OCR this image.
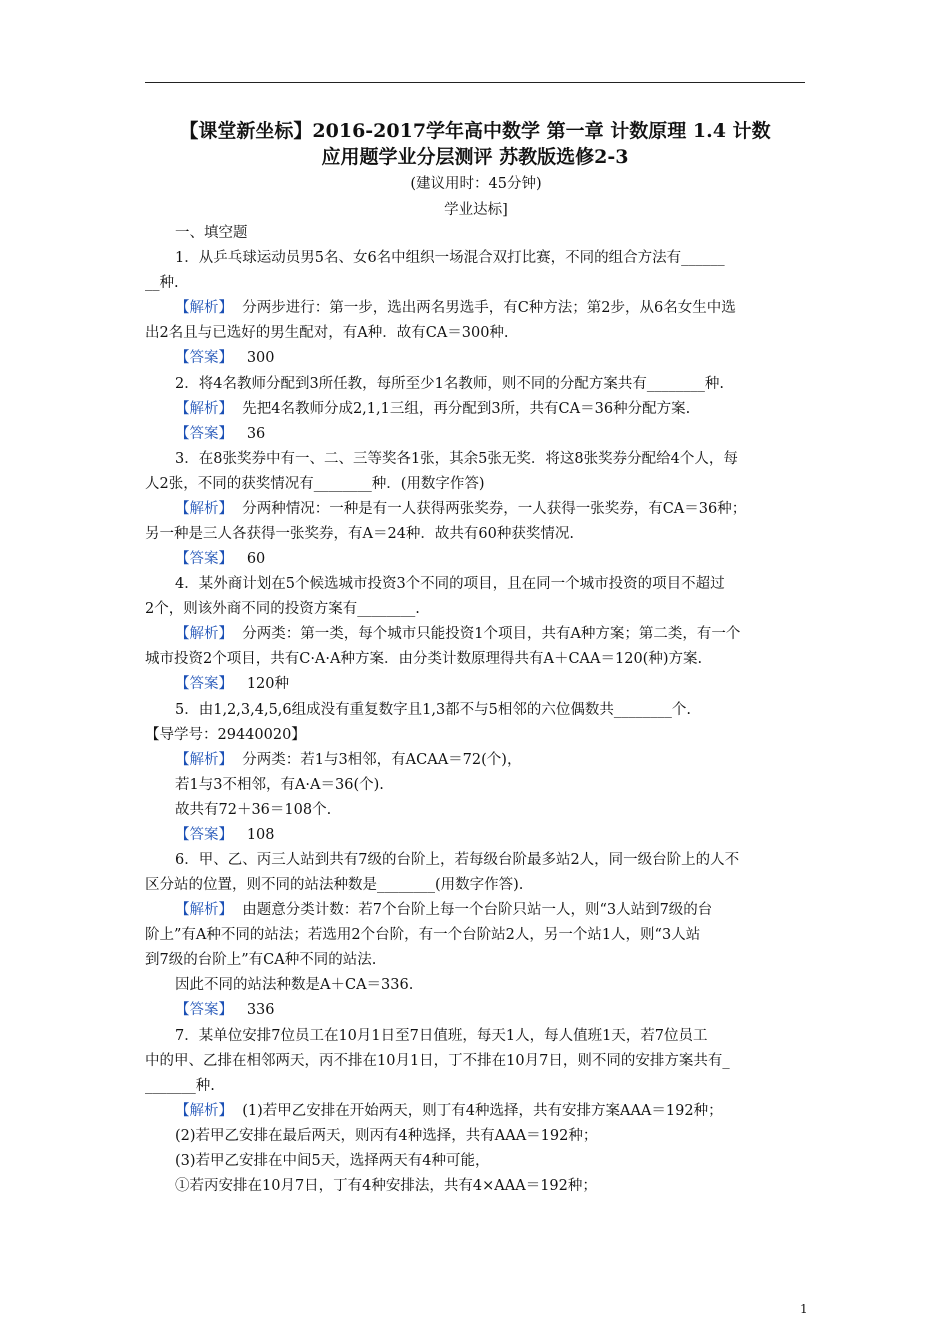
【课堂新坐标】2016-2017学年高中数学 第一章 计数原理 1.4 计数
应用题学业分层测评 苏教版选修2-3
(建议用时：45分钟)
学业达标]
一、填空题
1．从乒乓球运动员男5名、女6名中组织一场混合双打比赛，不同的组合方法有______
__种.
【 解析 】 分两步进行：第一步，选出两名男选手，有C种方法；第2步，从6名女生中选
出2名且与已选好的男生配对，有A种．故有CA＝300种.
【 答案 】 300
2．将4名教师分配到3所任教，每所至少1名教师，则不同的分配方案共有________种.
【 解析 】 先把4名教师分成2,1,1三组，再分配到3所，共有CA＝36种分配方案.
【 答案 】 36
3．在8张奖券中有一、二、三等奖各1张，其余5张无奖．将这8张奖券分配给4个人，每
人2张，不同的获奖情况有________种．(用数字作答)
【 解析 】 分两种情况：一种是有一人获得两张奖券，一人获得一张奖券，有CA＝36种；
另一种是三人各获得一张奖券，有A＝24种．故共有60种获奖情况.
【 答案 】 60
4．某外商计划在5个候选城市投资3个不同的项目，且在同一个城市投资的项目不超过
2个，则该外商不同的投资方案有________.
【 解析 】 分两类：第一类，每个城市只能投资1个项目，共有A种方案；第二类，有一个
城市投资2个项目，共有C·A·A种方案．由分类计数原理得共有A＋CAA＝120(种)方案.
【 答案 】 120种
5．由1,2,3,4,5,6组成没有重复数字且1,3都不与5相邻的六位偶数共________个.
【导学号：29440020】
【 解析 】 分两类：若1与3相邻，有ACAA＝72(个)，
若1与3不相邻，有A·A＝36(个).
故共有72＋36＝108个.
【 答案 】 108
6．甲、乙、丙三人站到共有7级的台阶上，若每级台阶最多站2人，同一级台阶上的人不
区分站的位置，则不同的站法种数是________(用数字作答).
【 解析 】 由题意分类计数：若7个台阶上每一个台阶只站一人，则“3人站到7级的台
阶上”有A种不同的站法；若选用2个台阶，有一个台阶站2人，另一个站1人，则“3人站
到7级的台阶上”有CA种不同的站法.
因此不同的站法种数是A＋CA＝336.
【 答案 】 336
7．某单位安排7位员工在10月1日至7日值班，每天1人，每人值班1天，若7位员工
中的甲、乙排在相邻两天，丙不排在10月1日，丁不排在10月7日，则不同的安排方案共有_
_______种.
【 解析 】 (1)若甲乙安排在开始两天，则丁有4种选择，共有安排方案AAA＝192种；
(2)若甲乙安排在最后两天，则丙有4种选择，共有AAA＝192种；
(3)若甲乙安排在中间5天，选择两天有4种可能，
①若丙安排在10月7日，丁有4种安排法，共有4×AAA＝192种；
1
